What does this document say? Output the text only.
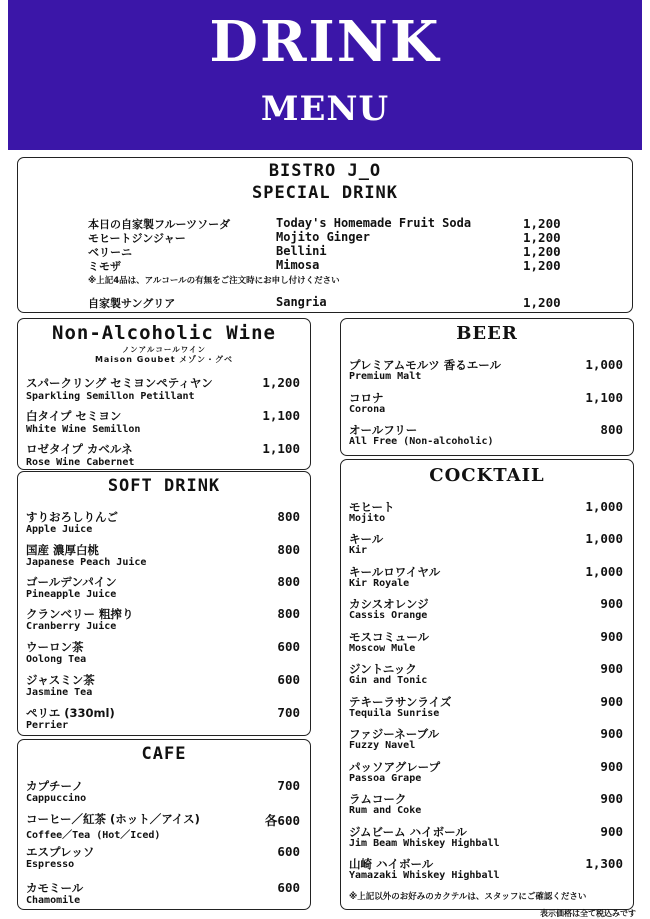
DRINK
MENU
BISTRO J_O
SPECIAL DRINK
本日の自家製フルーツソーダ	Today's Homemade Fruit Soda	1,200
モヒートジンジャー	Mojito Ginger	1,200
ベリーニ	Bellini	1,200
ミモザ	Mimosa	1,200
※上記4品は、アルコールの有無をご注文時にお申し付けください
自家製サングリア	Sangria	1,200
Non-Alcoholic Wine
ノンアルコールワイン
Maison Goubet メゾン・グベ
スパークリング セミヨンペティヤン	1,200
Sparkling Semillon Petillant
白タイプ セミヨン	1,100
White Wine Semillon
ロゼタイプ カベルネ	1,100
Rose Wine Cabernet
SOFT DRINK
すりおろしりんご	800
Apple Juice
国産 濃厚白桃	800
Japanese Peach Juice
ゴールデンパイン	800
Pineapple Juice
クランベリー 粗搾り	800
Cranberry Juice
ウーロン茶	600
Oolong Tea
ジャスミン茶	600
Jasmine Tea
ペリエ (330ml)	700
Perrier
CAFE
カプチーノ	700
Cappuccino
コーヒー／紅茶 (ホット／アイス)	各600
Coffee／Tea (Hot／Iced)
エスプレッソ	600
Espresso
カモミール	600
Chamomile
BEER
プレミアムモルツ 香るエール	1,000
Premium Malt
コロナ	1,100
Corona
オールフリー	800
All Free (Non-alcoholic)
COCKTAIL
モヒート	1,000
Mojito
キール	1,000
Kir
キールロワイヤル	1,000
Kir Royale
カシスオレンジ	900
Cassis Orange
モスコミュール	900
Moscow Mule
ジントニック	900
Gin and Tonic
テキーラサンライズ	900
Tequila Sunrise
ファジーネーブル	900
Fuzzy Navel
パッソアグレープ	900
Passoa Grape
ラムコーク	900
Rum and Coke
ジムビーム ハイボール	900
Jim Beam Whiskey Highball
山崎 ハイボール	1,300
Yamazaki Whiskey Highball
※上記以外のお好みのカクテルは、スタッフにご確認ください
表示価格は全て税込みです
